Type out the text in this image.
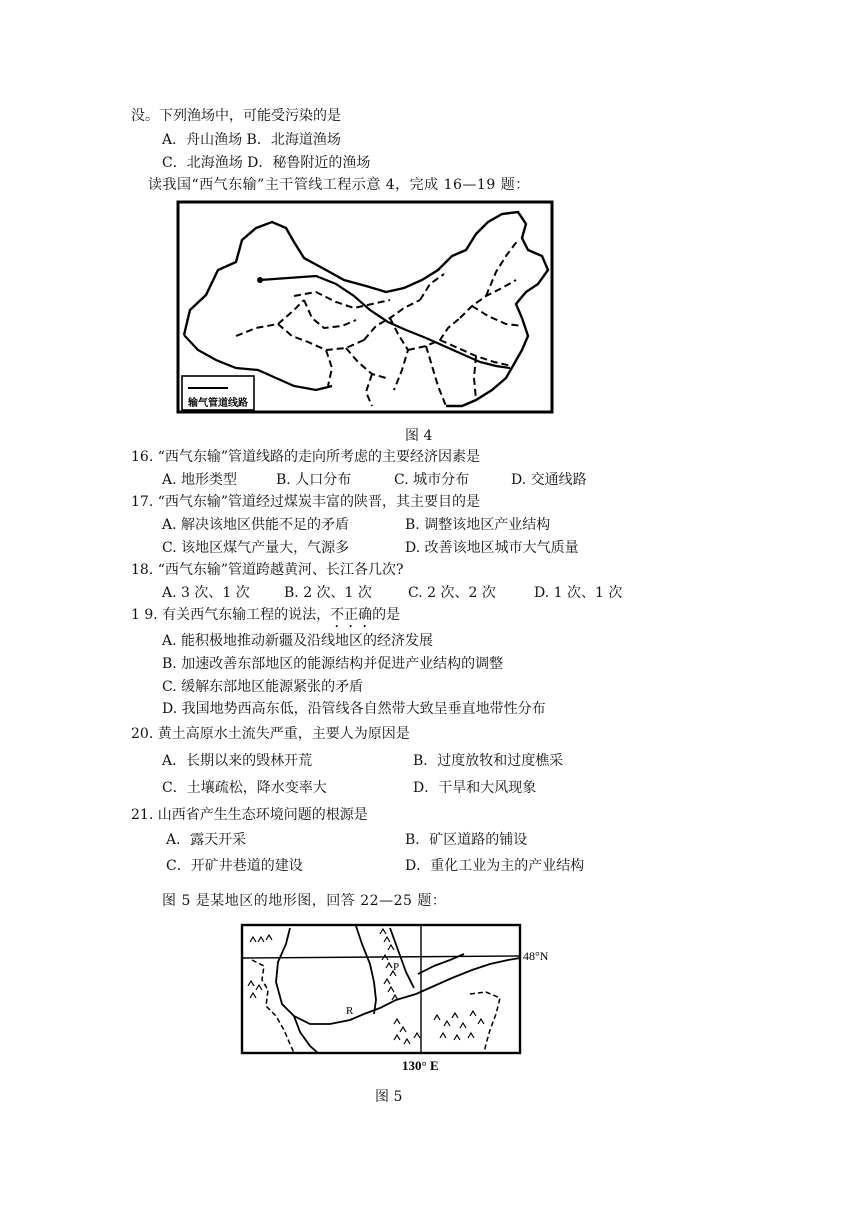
没。下列渔场中，可能受污染的是
A．舟山渔场 B．北海道渔场
C．北海渔场 D．秘鲁附近的渔场
读我国“西气东输”主干管线工程示意 4，完成 16—19 题：
输气管道线路
图 4
16. “西气东输”管道线路的走向所考虑的主要经济因素是
A. 地形类型	B. 人口分布	C. 城市分布	D. 交通线路
17. “西气东输”管道经过煤炭丰富的陕晋，其主要目的是
A. 解决该地区供能不足的矛盾	B. 调整该地区产业结构
C. 该地区煤气产量大，气源多	D. 改善该地区城市大气质量
18. “西气东输”管道跨越黄河、长江各几次?
A. 3 次、1 次 B. 2 次、1 次	C. 2 次、2 次	D. 1 次、1 次
1 9. 有关西气东输工程的说法，不正确的是
A. 能积极地推动新疆及沿线地区的经济发展
B. 加速改善东部地区的能源结构并促进产业结构的调整
C. 缓解东部地区能源紧张的矛盾
D. 我国地势西高东低，沿管线各自然带大致呈垂直地带性分布
20. 黄土高原水土流失严重，主要人为原因是
A．长期以来的毁林开荒	B．过度放牧和过度樵采
C．土壤疏松，降水变率大	D．干旱和大风现象
21. 山西省产生生态环境问题的根源是
A．露天开采	B．矿区道路的铺设
C．开矿井巷道的建设	D．重化工业为主的产业结构
图 5 是某地区的地形图，回答 22—25 题：
48°N
P
R
130° E
图 5
